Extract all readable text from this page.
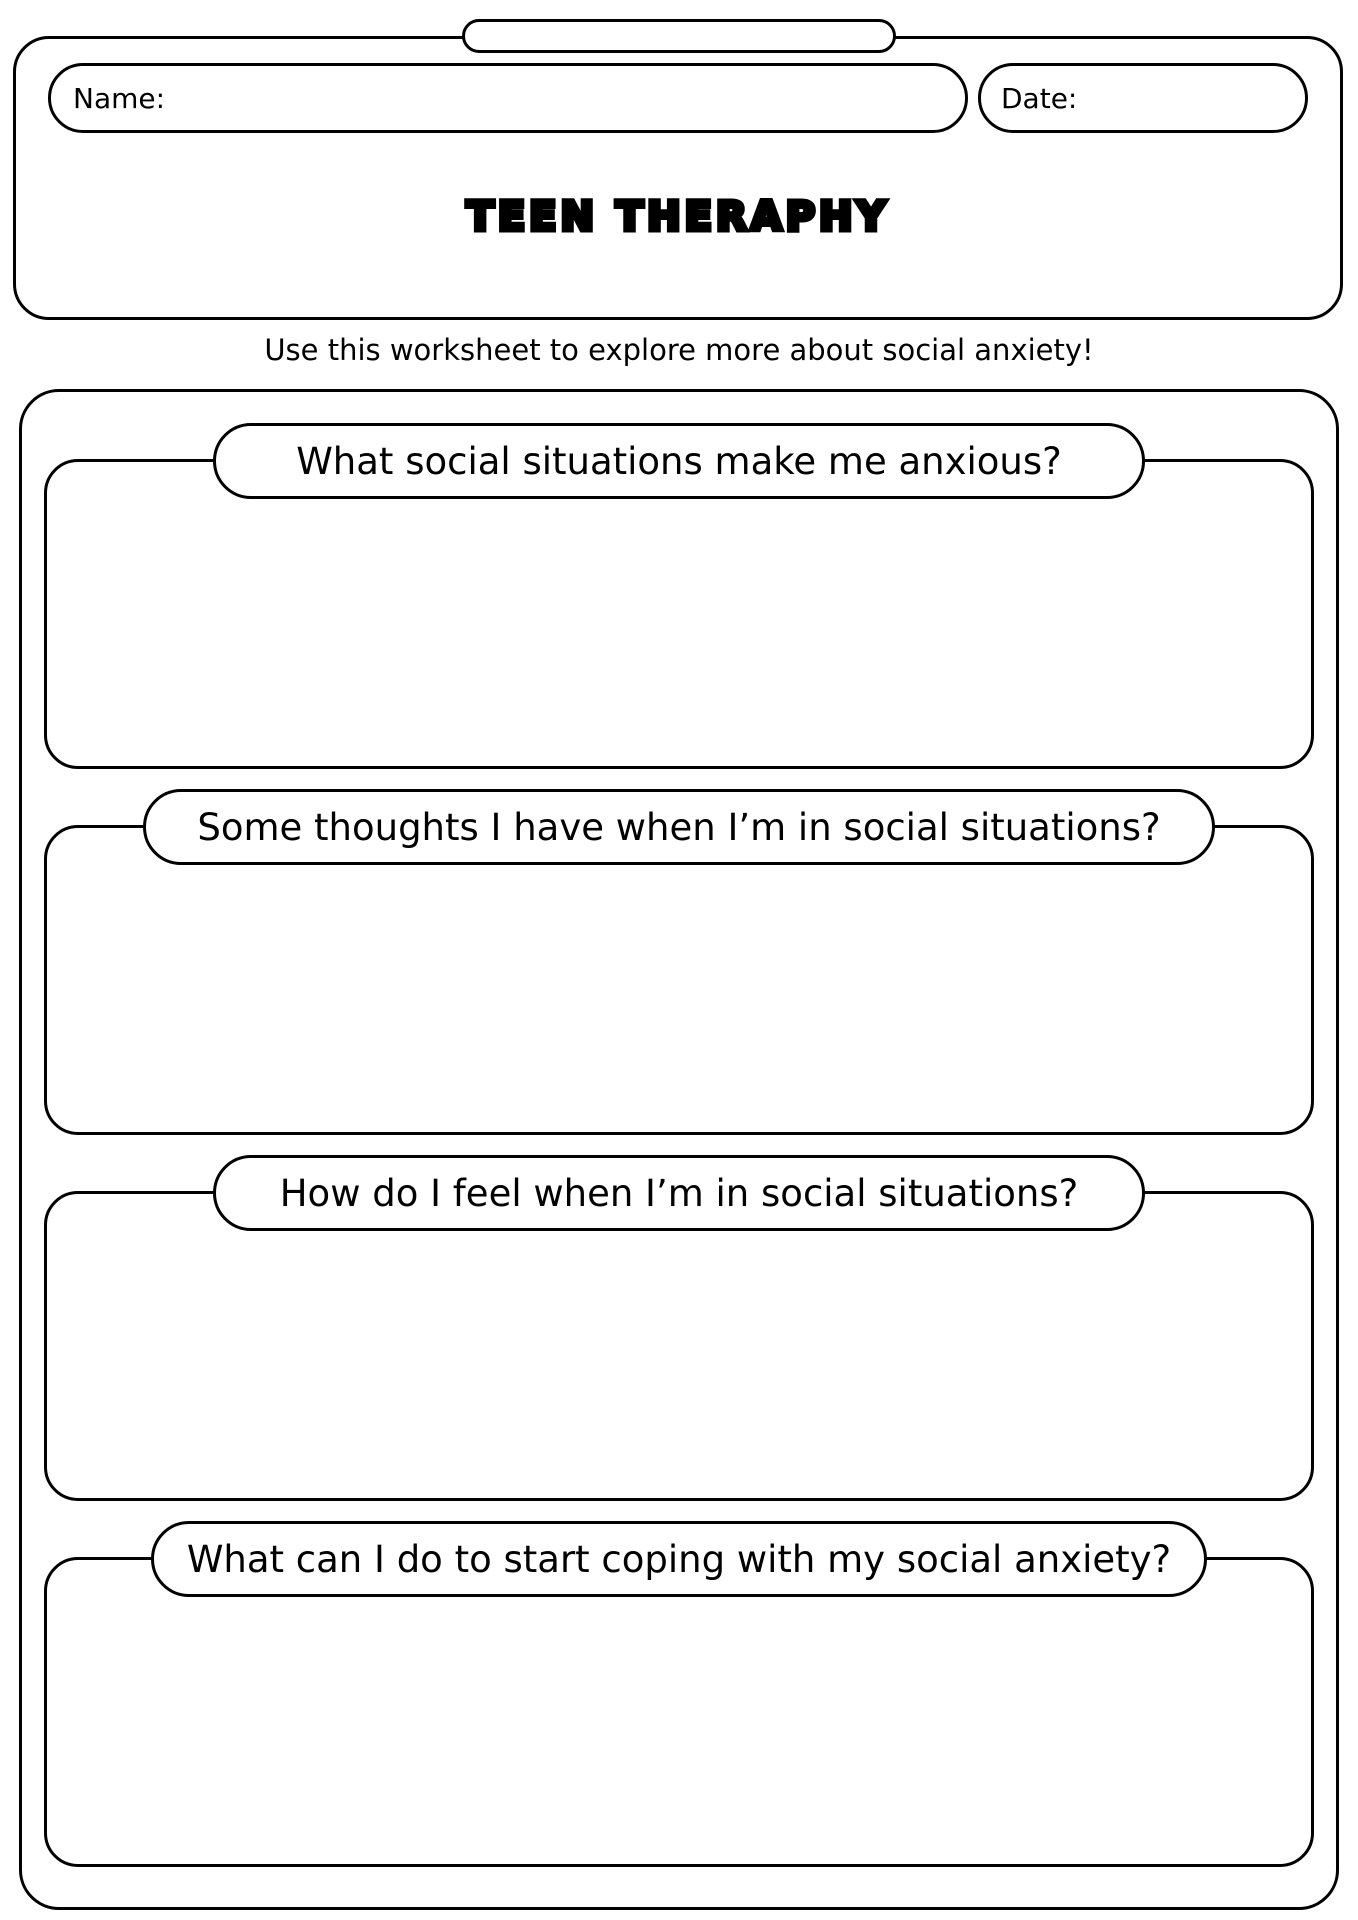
Name:	Date:
TEEN THERAPHY
Use this worksheet to explore more about social anxiety!
What social situations make me anxious?
Some thoughts I have when I’m in social situations?
How do I feel when I’m in social situations?
What can I do to start coping with my social anxiety?
